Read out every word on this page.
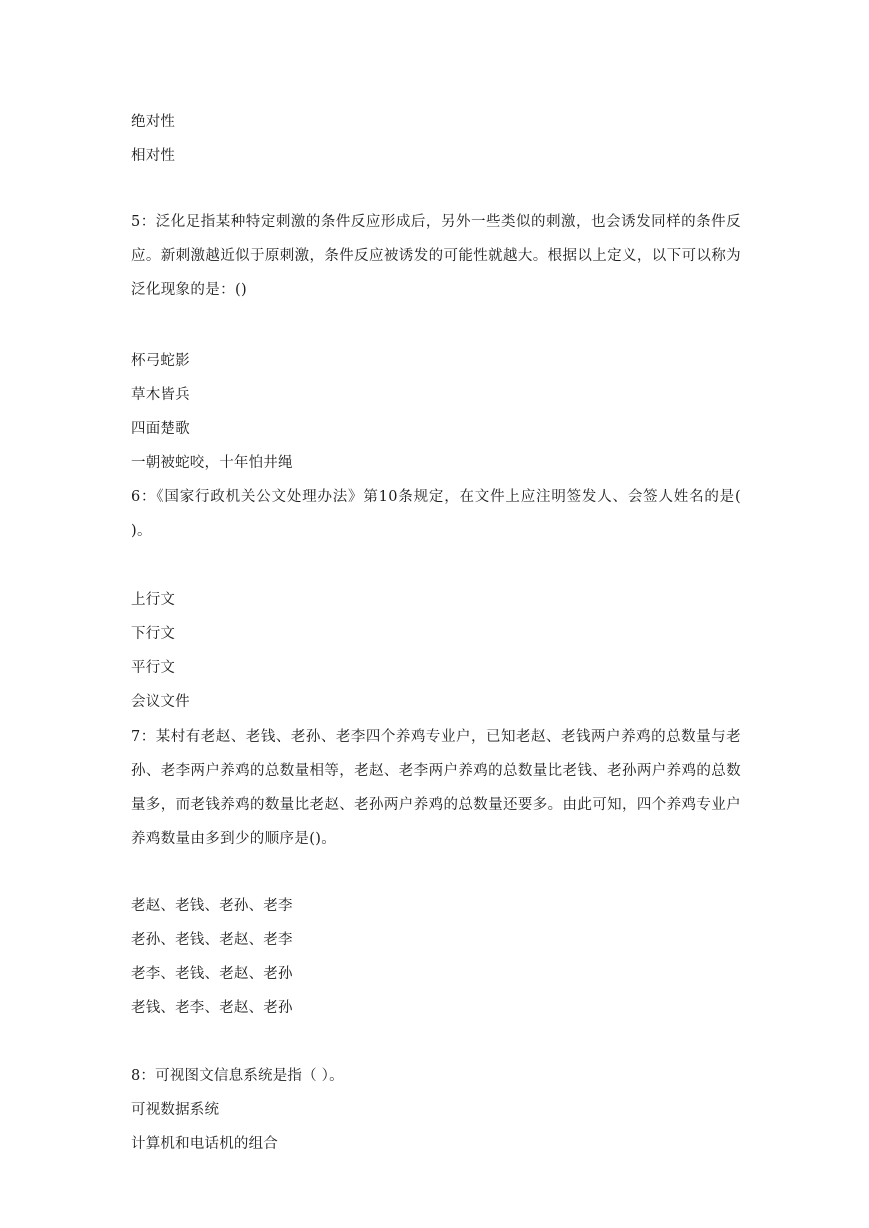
绝对性
相对性
5：泛化足指某种特定刺激的条件反应形成后，另外一些类似的刺激，也会诱发同样的条件反应。新刺激越近似于原刺激，条件反应被诱发的可能性就越大。根据以上定义，以下可以称为泛化现象的是：()
杯弓蛇影
草木皆兵
四面楚歌
一朝被蛇咬，十年怕井绳
6：《国家行政机关公文处理办法》第10条规定，在文件上应注明签发人、会签人姓名的是( )。
上行文
下行文
平行文
会议文件
7：某村有老赵、老钱、老孙、老李四个养鸡专业户，已知老赵、老钱两户养鸡的总数量与老孙、老李两户养鸡的总数量相等，老赵、老李两户养鸡的总数量比老钱、老孙两户养鸡的总数量多，而老钱养鸡的数量比老赵、老孙两户养鸡的总数量还要多。由此可知，四个养鸡专业户养鸡数量由多到少的顺序是()。
老赵、老钱、老孙、老李
老孙、老钱、老赵、老李
老李、老钱、老赵、老孙
老钱、老李、老赵、老孙
8：可视图文信息系统是指（ ）。
可视数据系统
计算机和电话机的组合
